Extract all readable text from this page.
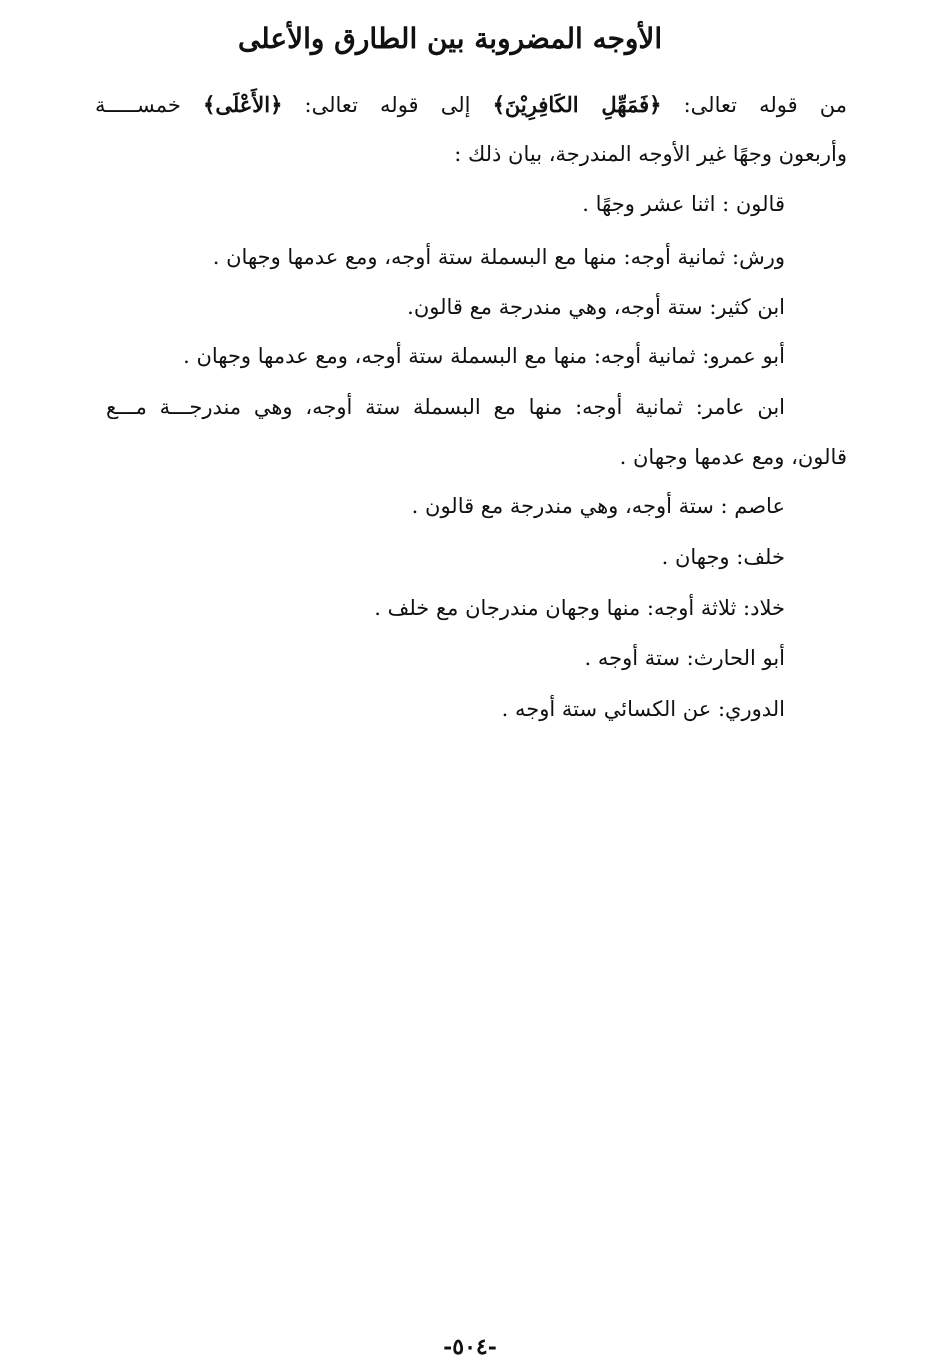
الأوجه المضروبة بين الطارق والأعلى
من قوله تعالى: ﴿فَمَهِّلِ الكَافِرِيْنَ﴾ إلى قوله تعالى: ﴿الأَعْلَى﴾ خمســـــة
وأربعون وجهًا غير الأوجه المندرجة، بيان ذلك :
قالون : اثنا عشر وجهًا .
ورش: ثمانية أوجه: منها مع البسملة ستة أوجه، ومع عدمها وجهان .
ابن كثير: ستة أوجه، وهي مندرجة مع قالون.
أبو عمرو: ثمانية أوجه: منها مع البسملة ستة أوجه، ومع عدمها وجهان .
ابن عامر: ثمانية أوجه: منها مع البسملة ستة أوجه، وهي مندرجـــة مـــع
قالون، ومع عدمها وجهان .
عاصم : ستة أوجه، وهي مندرجة مع قالون .
خلف: وجهان .
خلاد: ثلاثة أوجه: منها وجهان مندرجان مع خلف .
أبو الحارث: ستة أوجه .
الدوري: عن الكسائي ستة أوجه .
-٥٠٤-
